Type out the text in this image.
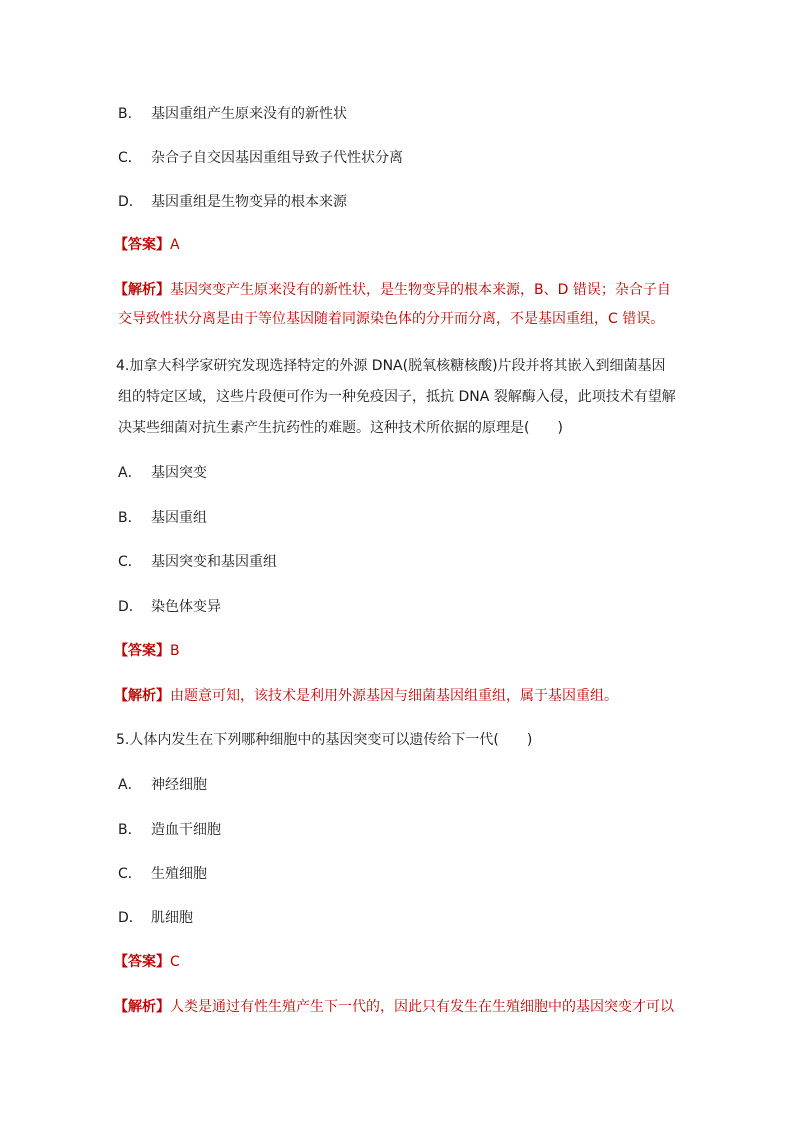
B． 基因重组产生原来没有的新性状
C． 杂合子自交因基因重组导致子代性状分离
D． 基因重组是生物变异的根本来源
【答案】A
【解析】基因突变产生原来没有的新性状，是生物变异的根本来源，B、D 错误；杂合子自
交导致性状分离是由于等位基因随着同源染色体的分开而分离，不是基因重组，C 错误。
4.加拿大科学家研究发现选择特定的外源 DNA(脱氧核糖核酸)片段并将其嵌入到细菌基因
组的特定区域，这些片段便可作为一种免疫因子，抵抗 DNA 裂解酶入侵，此项技术有望解
决某些细菌对抗生素产生抗药性的难题。这种技术所依据的原理是(　　)
A． 基因突变
B． 基因重组
C． 基因突变和基因重组
D． 染色体变异
【答案】B
【解析】由题意可知，该技术是利用外源基因与细菌基因组重组，属于基因重组。
5.人体内发生在下列哪种细胞中的基因突变可以遗传给下一代(　　)
A． 神经细胞
B． 造血干细胞
C． 生殖细胞
D． 肌细胞
【答案】C
【解析】人类是通过有性生殖产生下一代的，因此只有发生在生殖细胞中的基因突变才可以
